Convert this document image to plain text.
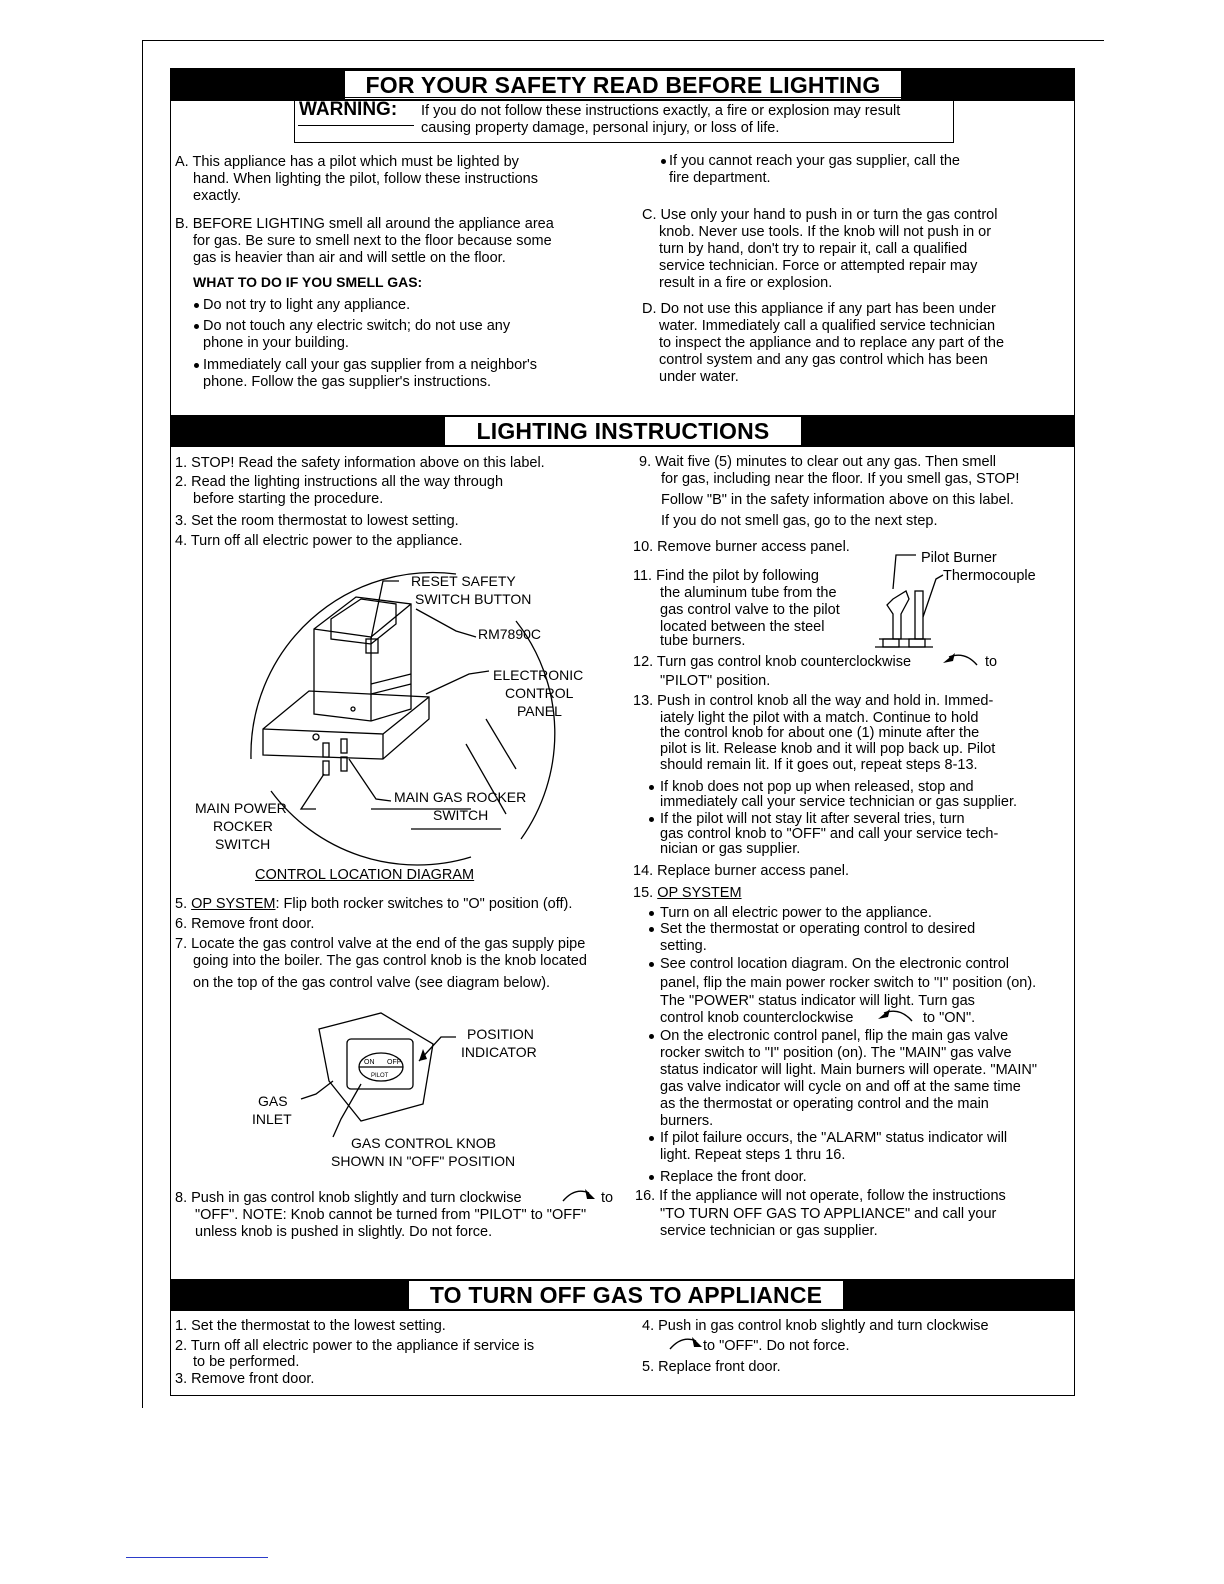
FOR YOUR SAFETY READ BEFORE LIGHTING
WARNING: If you do not follow these instructions exactly, a fire or explosion may result
causing property damage, personal injury, or loss of life.
A. This appliance has a pilot which must be lighted by
hand. When lighting the pilot, follow these instructions
exactly.
B. BEFORE LIGHTING smell all around the appliance area
for gas. Be sure to smell next to the floor because some
gas is heavier than air and will settle on the floor.
WHAT TO DO IF YOU SMELL GAS:
Do not try to light any appliance.
Do not touch any electric switch; do not use any
phone in your building.
Immediately call your gas supplier from a neighbor's
phone. Follow the gas supplier's instructions.
If you cannot reach your gas supplier, call the
fire department.
C. Use only your hand to push in or turn the gas control
knob. Never use tools. If the knob will not push in or
turn by hand, don't try to repair it, call a qualified
service technician. Force or attempted repair may
result in a fire or explosion.
D. Do not use this appliance if any part has been under
water. Immediately call a qualified service technician
to inspect the appliance and to replace any part of the
control system and any gas control which has been
under water.
LIGHTING INSTRUCTIONS
1. STOP! Read the safety information above on this label.
2. Read the lighting instructions all the way through
before starting the procedure.
3. Set the room thermostat to lowest setting.
4. Turn off all electric power to the appliance.
RESET SAFETY
SWITCH BUTTON
RM7890C
ELECTRONIC
CONTROL
PANEL
MAIN GAS ROCKER
SWITCH
MAIN POWER
ROCKER
SWITCH
CONTROL LOCATION DIAGRAM
5. OP SYSTEM: Flip both rocker switches to "O" position (off).
6. Remove front door.
7. Locate the gas control valve at the end of the gas supply pipe
going into the boiler. The gas control knob is the knob located
on the top of the gas control valve (see diagram below).
ON OFF
PILOT
POSITION
INDICATOR
GAS
INLET
GAS CONTROL KNOB
SHOWN IN "OFF" POSITION
8. Push in gas control knob slightly and turn clockwise	to
"OFF". NOTE: Knob cannot be turned from "PILOT" to "OFF"
unless knob is pushed in slightly. Do not force.
9. Wait five (5) minutes to clear out any gas. Then smell
for gas, including near the floor. If you smell gas, STOP!
Follow "B" in the safety information above on this label.
If you do not smell gas, go to the next step.
10. Remove burner access panel.
Pilot Burner
Thermocouple
11. Find the pilot by following
the aluminum tube from the
gas control valve to the pilot
located between the steel
tube burners.
12. Turn gas control knob counterclockwise	to
"PILOT" position.
13. Push in control knob all the way and hold in. Immed-
iately light the pilot with a match. Continue to hold
the control knob for about one (1) minute after the
pilot is lit. Release knob and it will pop back up. Pilot
should remain lit. If it goes out, repeat steps 8-13.
If knob does not pop up when released, stop and
immediately call your service technician or gas supplier.
If the pilot will not stay lit after several tries, turn
gas control knob to "OFF" and call your service tech-
nician or gas supplier.
14. Replace burner access panel.
15. OP SYSTEM
Turn on all electric power to the appliance.
Set the thermostat or operating control to desired
setting.
See control location diagram. On the electronic control
panel, flip the main power rocker switch to "I" position (on).
The "POWER" status indicator will light. Turn gas
control knob counterclockwise	to "ON".
On the electronic control panel, flip the main gas valve
rocker switch to "I" position (on). The "MAIN" gas valve
status indicator will light. Main burners will operate. "MAIN"
gas valve indicator will cycle on and off at the same time
as the thermostat or operating control and the main
burners.
If pilot failure occurs, the "ALARM" status indicator will
light. Repeat steps 1 thru 16.
Replace the front door.
16. If the appliance will not operate, follow the instructions
"TO TURN OFF GAS TO APPLIANCE" and call your
service technician or gas supplier.
TO TURN OFF GAS TO APPLIANCE
1. Set the thermostat to the lowest setting.
2. Turn off all electric power to the appliance if service is
to be performed.
3. Remove front door.
4. Push in gas control knob slightly and turn clockwise
to "OFF". Do not force.
5. Replace front door.
